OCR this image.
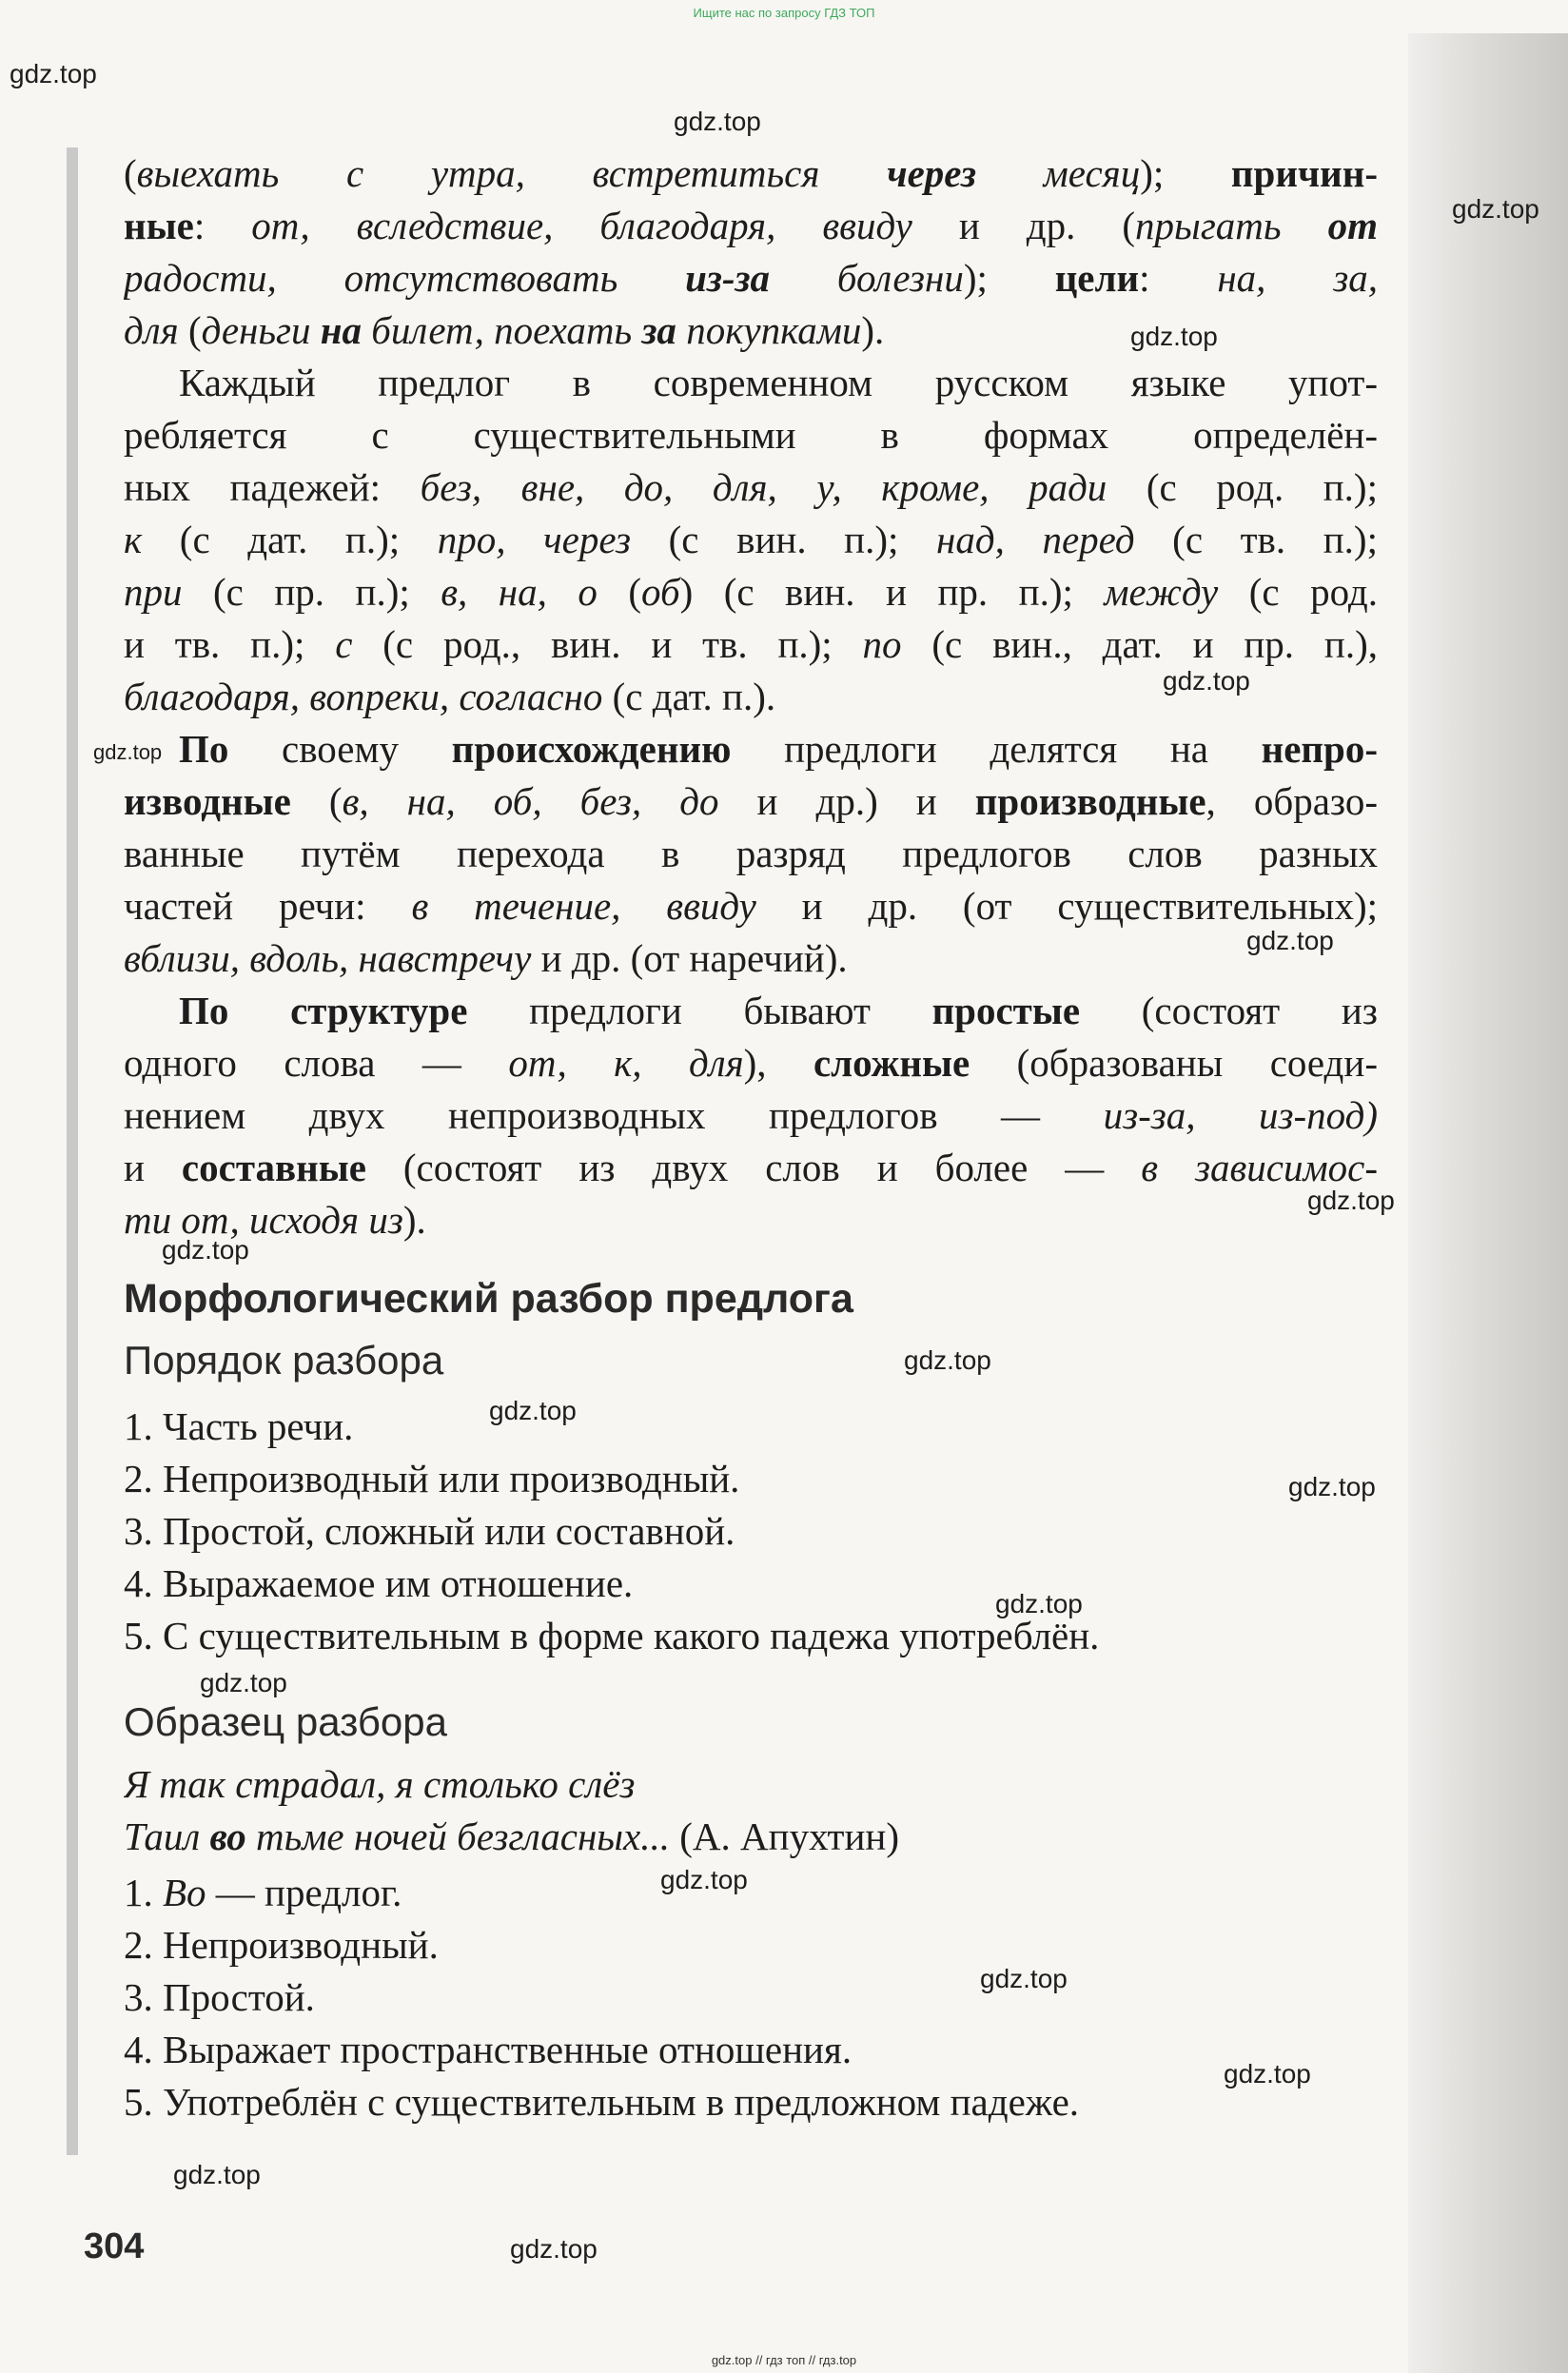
Ищите нас по запросу ГДЗ ТОП
(выехать с утра, встретиться через месяц); причин-
ные: от, вследствие, благодаря, ввиду и др. (прыгать от
радости, отсутствовать из-за болезни); цели: на, за,
для (деньги на билет, поехать за покупками).
Каждый предлог в современном русском языке упот-
ребляется с существительными в формах определён-
ных падежей: без, вне, до, для, у, кроме, ради (с род. п.);
к (с дат. п.); про, через (с вин. п.); над, перед (с тв. п.);
при (с пр. п.); в, на, о (об) (с вин. и пр. п.); между (с род.
и тв. п.); с (с род., вин. и тв. п.); по (с вин., дат. и пр. п.),
благодаря, вопреки, согласно (с дат. п.).
По своему происхождению предлоги делятся на непро-
изводные (в, на, об, без, до и др.) и производные, образо-
ванные путём перехода в разряд предлогов слов разных
частей речи: в течение, ввиду и др. (от существительных);
вблизи, вдоль, навстречу и др. (от наречий).
По структуре предлоги бывают простые (состоят из
одного слова — от, к, для), сложные (образованы соеди-
нением двух непроизводных предлогов — из-за, из-под)
и составные (состоят из двух слов и более — в зависимос-
ти от, исходя из).
Морфологический разбор предлога
Порядок разбора
1. Часть речи.
2. Непроизводный или производный.
3. Простой, сложный или составной.
4. Выражаемое им отношение.
5. С существительным в форме какого падежа употреблён.
Образец разбора
Я так страдал, я столько слёз
Таил во тьме ночей безгласных... (А. Апухтин)
1. Во — предлог.
2. Непроизводный.
3. Простой.
4. Выражает пространственные отношения.
5. Употреблён с существительным в предложном падеже.
304
gdz.top
gdz.top
gdz.top
gdz.top
gdz.top
gdz.top
gdz.top
gdz.top
gdz.top
gdz.top
gdz.top
gdz.top
gdz.top
gdz.top
gdz.top
gdz.top
gdz.top
gdz.top
gdz.top
gdz.top // гдз топ // гдз.top
